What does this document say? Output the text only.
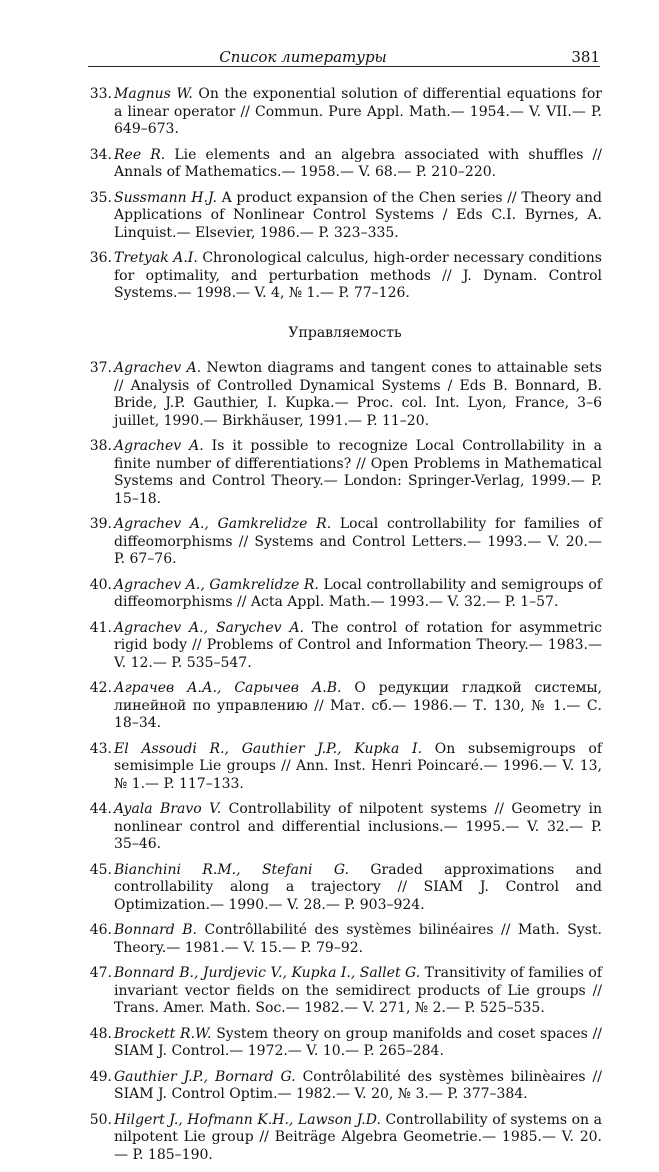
Список литературы	381
33. Magnus W. On the exponential solution of differential equations for a linear operator // Commun. Pure Appl. Math.— 1954.— V. VII.— P. 649–673.
34. Ree R. Lie elements and an algebra associated with shuffles // Annals of Mathematics.— 1958.— V. 68.— P. 210–220.
35. Sussmann H.J. A product expansion of the Chen series // Theory and Applications of Nonlinear Control Systems / Eds C.I. Byrnes, A. Linquist.— Elsevier, 1986.— P. 323–335.
36. Tretyak A.I. Chronological calculus, high-order necessary conditions for optimality, and perturbation methods // J. Dynam. Control Systems.— 1998.— V. 4, № 1.— P. 77–126.
Управляемость
37. Agrachev A. Newton diagrams and tangent cones to attainable sets // Analysis of Controlled Dynamical Systems / Eds B. Bonnard, B. Bride, J.P. Gauthier, I. Kupka.— Proc. col. Int. Lyon, France, 3–6 juillet, 1990.— Birkhäuser, 1991.— P. 11–20.
38. Agrachev A. Is it possible to recognize Local Controllability in a finite number of differentiations? // Open Problems in Mathematical Systems and Control Theory.— London: Springer-Verlag, 1999.— P. 15–18.
39. Agrachev A., Gamkrelidze R. Local controllability for families of diffeomorphisms // Systems and Control Letters.— 1993.— V. 20.— P. 67–76.
40. Agrachev A., Gamkrelidze R. Local controllability and semigroups of diffeomorphisms // Acta Appl. Math.— 1993.— V. 32.— P. 1–57.
41. Agrachev A., Sarychev A. The control of rotation for asymmetric rigid body // Problems of Control and Information Theory.— 1983.— V. 12.— P. 535–547.
42. Аграчев А.А., Сарычев А.В. О редукции гладкой системы, линейной по управлению // Мат. сб.— 1986.— Т. 130, № 1.— С. 18–34.
43. El Assoudi R., Gauthier J.P., Kupka I. On subsemigroups of semisimple Lie groups // Ann. Inst. Henri Poincaré.— 1996.— V. 13, № 1.— P. 117–133.
44. Ayala Bravo V. Controllability of nilpotent systems // Geometry in nonlinear control and differential inclusions.— 1995.— V. 32.— P. 35–46.
45. Bianchini R.M., Stefani G. Graded approximations and controllability along a trajectory // SIAM J. Control and Optimization.— 1990.— V. 28.— P. 903–924.
46. Bonnard B. Contrôllabilité des systèmes bilinéaires // Math. Syst. Theory.— 1981.— V. 15.— P. 79–92.
47. Bonnard B., Jurdjevic V., Kupka I., Sallet G. Transitivity of families of invariant vector fields on the semidirect products of Lie groups // Trans. Amer. Math. Soc.— 1982.— V. 271, № 2.— P. 525–535.
48. Brockett R.W. System theory on group manifolds and coset spaces // SIAM J. Control.— 1972.— V. 10.— P. 265–284.
49. Gauthier J.P., Bornard G. Contrôlabilité des systèmes bilinèaires // SIAM J. Control Optim.— 1982.— V. 20, № 3.— P. 377–384.
50. Hilgert J., Hofmann K.H., Lawson J.D. Controllability of systems on a nilpotent Lie group // Beiträge Algebra Geometrie.— 1985.— V. 20.— P. 185–190.
